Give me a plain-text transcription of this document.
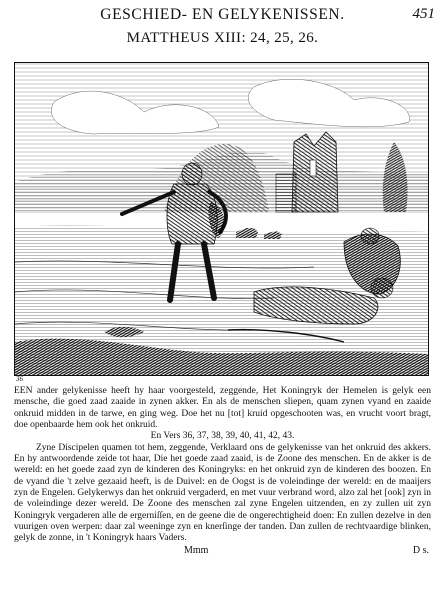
GESCHIED- EN GELYKENISSEN.	451
MATTHEUS XIII: 24, 25, 26.
36

EEN ander gelykenisse heeft hy haar voorgesteld, zeggende, Het Koningryk der Hemelen is gelyk een mensche, die goed zaad zaaide in zynen akker. En als de menschen sliepen, quam zynen vyand en zaaide onkruid midden in de tarwe, en ging weg. Doe het nu [tot] kruid opgeschooten was, en vrucht voort bragt, doe openbaarde hem ook het onkruid.

En Vers 36, 37, 38, 39, 40, 41, 42, 43.

Zyne Discipelen quamen tot hem, zeggende, Verklaard ons de gelykenisse van het onkruid des akkers. En hy antwoordende zeide tot haar, Die het goede zaad zaaid, is de Zoone des menschen. En de akker is de wereld: en het goede zaad zyn de kinderen des Koningryks: en het onkruid zyn de kinderen des boozen. En de vyand die 't zelve gezaaid heeft, is de Duivel: en de Oogst is de voleindinge der wereld: en de maaijers zyn de Engelen. Gelykerwys dan het onkruid vergaderd, en met vuur verbrand word, alzo zal het [ook] zyn in de voleindinge dezer wereld. De Zoone des menschen zal zyne Engelen uitzenden, en zy zullen uit zyn Koningryk vergaderen alle de ergerniſſen, en de geene die de ongerechtigheid doen: En zullen dezelve in den vuurigen oven werpen: daar zal weeninge zyn en knerſinge der tanden. Dan zullen de rechtvaardige blinken, gelyk de zonne, in 't Koningryk haars Vaders.

Mmm	D s.
